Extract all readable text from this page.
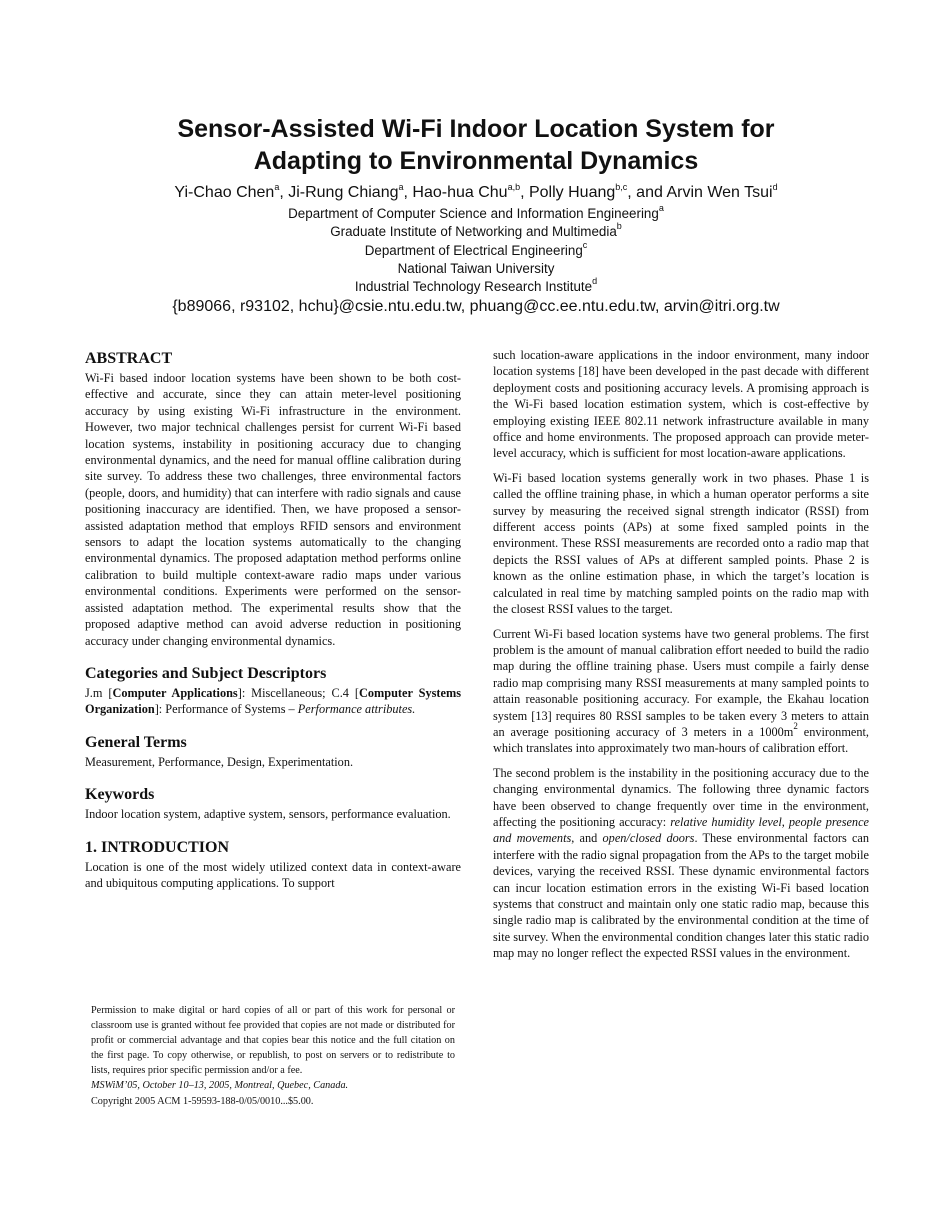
Sensor-Assisted Wi-Fi Indoor Location System for
Adapting to Environmental Dynamics
Yi-Chao Chen$^a$, Ji-Rung Chiang$^a$, Hao-hua Chu$^{a,b}$, Polly Huang$^{b,c}$, and Arvin Wen Tsui$^d$
Department of Computer Science and Information Engineering$^a$
Graduate Institute of Networking and Multimedia$^b$
Department of Electrical Engineering$^c$
National Taiwan University
Industrial Technology Research Institute$^d$
{b89066, r93102, hchu}@csie.ntu.edu.tw, phuang@cc.ee.ntu.edu.tw, arvin@itri.org.tw
ABSTRACT

Wi-Fi based indoor location systems have been shown to be both cost-effective and accurate, since they can attain meter-level positioning accuracy by using existing Wi-Fi infrastructure in the environment. However, two major technical challenges persist for current Wi-Fi based location systems, instability in positioning accuracy due to changing environmental dynamics, and the need for manual offline calibration during site survey. To address these two challenges, three environmental factors (people, doors, and humidity) that can interfere with radio signals and cause positioning inaccuracy are identified. Then, we have proposed a sensor-assisted adaptation method that employs RFID sensors and environment sensors to adapt the location systems automatically to the changing environmental dynamics. The proposed adaptation method performs online calibration to build multiple context-aware radio maps under various environmental conditions. Experiments were performed on the sensor-assisted adaptation method. The experimental results show that the proposed adaptive method can avoid adverse reduction in positioning accuracy under changing environmental dynamics.

Categories and Subject Descriptors

J.m [Computer Applications]: Miscellaneous; C.4 [Computer Systems Organization]: Performance of Systems – Performance attributes.

General Terms

Measurement, Performance, Design, Experimentation.

Keywords

Indoor location system, adaptive system, sensors, performance evaluation.

1. INTRODUCTION

Location is one of the most widely utilized context data in context-aware and ubiquitous computing applications. To support

Permission to make digital or hard copies of all or part of this work for personal or classroom use is granted without fee provided that copies are not made or distributed for profit or commercial advantage and that copies bear this notice and the full citation on the first page. To copy otherwise, or republish, to post on servers or to redistribute to lists, requires prior specific permission and/or a fee.

MSWiM’05, October 10–13, 2005, Montreal, Quebec, Canada.

Copyright 2005 ACM 1-59593-188-0/05/0010...$5.00.

such location-aware applications in the indoor environment, many indoor location systems [18] have been developed in the past decade with different deployment costs and positioning accuracy levels. A promising approach is the Wi-Fi based location estimation system, which is cost-effective by employing existing IEEE 802.11 network infrastructure available in many office and home environments. The proposed approach can provide meter-level accuracy, which is sufficient for most location-aware applications.

Wi-Fi based location systems generally work in two phases. Phase 1 is called the offline training phase, in which a human operator performs a site survey by measuring the received signal strength indicator (RSSI) from different access points (APs) at some fixed sampled points in the environment. These RSSI measurements are recorded onto a radio map that depicts the RSSI values of APs at different sampled points. Phase 2 is known as the online estimation phase, in which the target’s location is calculated in real time by matching sampled points on the radio map with the closest RSSI values to the target.

Current Wi-Fi based location systems have two general problems. The first problem is the amount of manual calibration effort needed to build the radio map during the offline training phase. Users must compile a fairly dense radio map comprising many RSSI measurements at many sampled points to attain reasonable positioning accuracy. For example, the Ekahau location system [13] requires 80 RSSI samples to be taken every 3 meters to attain an average positioning accuracy of 3 meters in a $1000m^2$ environment, which translates into approximately two man-hours of calibration effort.

The second problem is the instability in the positioning accuracy due to the changing environmental dynamics. The following three dynamic factors have been observed to change frequently over time in the environment, affecting the positioning accuracy: relative humidity level, people presence and movements, and open/closed doors. These environmental factors can interfere with the radio signal propagation from the APs to the target mobile devices, varying the received RSSI. These dynamic environmental factors can incur location estimation errors in the existing Wi-Fi based location systems that construct and maintain only one static radio map, because this single radio map is calibrated by the environmental condition at the time of site survey. When the environmental condition changes later this static radio map may no longer reflect the expected RSSI values in the environment.
